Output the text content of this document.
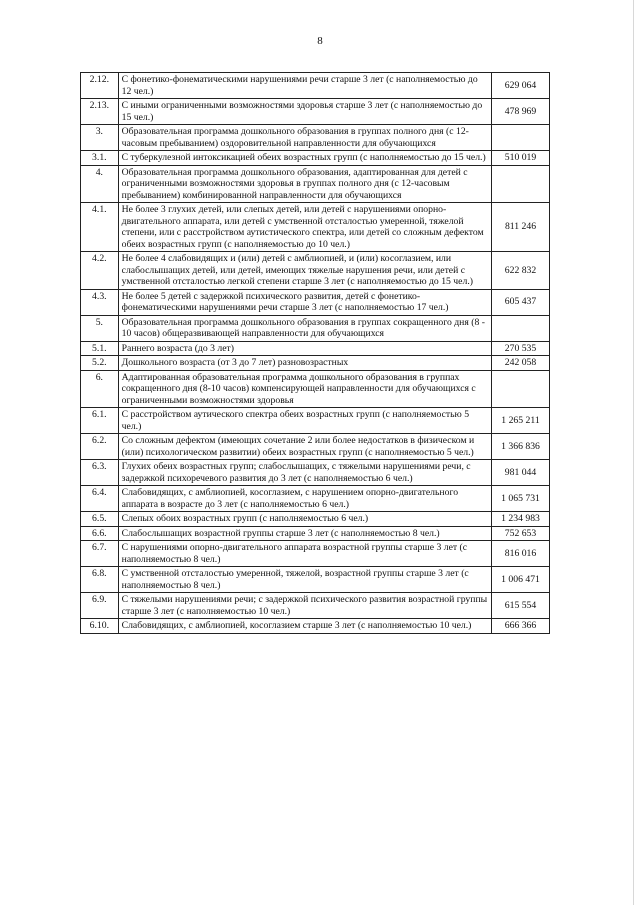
8
2.12.	С фонетико-фонематическими нарушениями речи старше 3 лет (с наполняемостью до 12 чел.)	629 064
2.13.	С иными ограниченными возможностями здоровья старше 3 лет (с наполняемостью до 15 чел.)	478 969
3.	Образовательная программа дошкольного образования в группах полного дня (с 12-часовым пребыванием) оздоровительной направленности для обучающихся	
3.1.	С туберкулезной интоксикацией обеих возрастных групп (с наполняемостью до 15 чел.)	510 019
4.	Образовательная программа дошкольного образования, адаптированная для детей с ограниченными возможностями здоровья в группах полного дня (с 12-часовым пребыванием) комбинированной направленности для обучающихся	
4.1.	Не более 3 глухих детей, или слепых детей, или детей с нарушениями опорно-двигательного аппарата, или детей с умственной отсталостью умеренной, тяжелой степени, или с расстройством аутистического спектра, или детей со сложным дефектом обеих возрастных групп (с наполняемостью до 10 чел.)	811 246
4.2.	Не более 4 слабовидящих и (или) детей с амблиопией, и (или) косоглазием, или слабослышащих детей, или детей, имеющих тяжелые нарушения речи, или детей с умственной отсталостью легкой степени старше 3 лет (с наполняемостью до 15 чел.)	622 832
4.3.	Не более 5 детей с задержкой психического развития, детей с фонетико-фонематическими нарушениями речи старше 3 лет (с наполняемостью 17 чел.)	605 437
5.	Образовательная программа дошкольного образования в группах сокращенного дня (8 - 10 часов) общеразвивающей направленности для обучающихся	
5.1.	Раннего возраста (до 3 лет)	270 535
5.2.	Дошкольного возраста (от 3 до 7 лет) разновозрастных	242 058
6.	Адаптированная образовательная программа дошкольного образования в группах сокращенного дня (8-10 часов) компенсирующей направленности для обучающихся с ограниченными возможностями здоровья	
6.1.	С расстройством аутического спектра обеих возрастных групп (с наполняемостью 5 чел.)	1 265 211
6.2.	Со сложным дефектом (имеющих сочетание 2 или более недостатков в физическом и (или) психологическом развитии) обеих возрастных групп (с наполняемостью 5 чел.)	1 366 836
6.3.	Глухих обеих возрастных групп; слабослышащих, с тяжелыми нарушениями речи, с задержкой психоречевого развития до 3 лет (с наполняемостью 6 чел.)	981 044
6.4.	Слабовидящих, с амблиопией, косоглазием, с нарушением опорно-двигательного аппарата в возрасте до 3 лет (с наполняемостью 6 чел.)	1 065 731
6.5.	Слепых обоих возрастных групп (с наполняемостью 6 чел.)	1 234 983
6.6.	Слабослышащих возрастной группы старше 3 лет (с наполняемостью 8 чел.)	752 653
6.7.	С нарушениями опорно-двигательного аппарата возрастной группы старше 3 лет (с наполняемостью 8 чел.)	816 016
6.8.	С умственной отсталостью умеренной, тяжелой, возрастной группы старше 3 лет (с наполняемостью 8 чел.)	1 006 471
6.9.	С тяжелыми нарушениями речи; с задержкой психического развития возрастной группы старше 3 лет (с наполняемостью 10 чел.)	615 554
6.10.	Слабовидящих, с амблиопией, косоглазием старше 3 лет (с наполняемостью 10 чел.)	666 366
